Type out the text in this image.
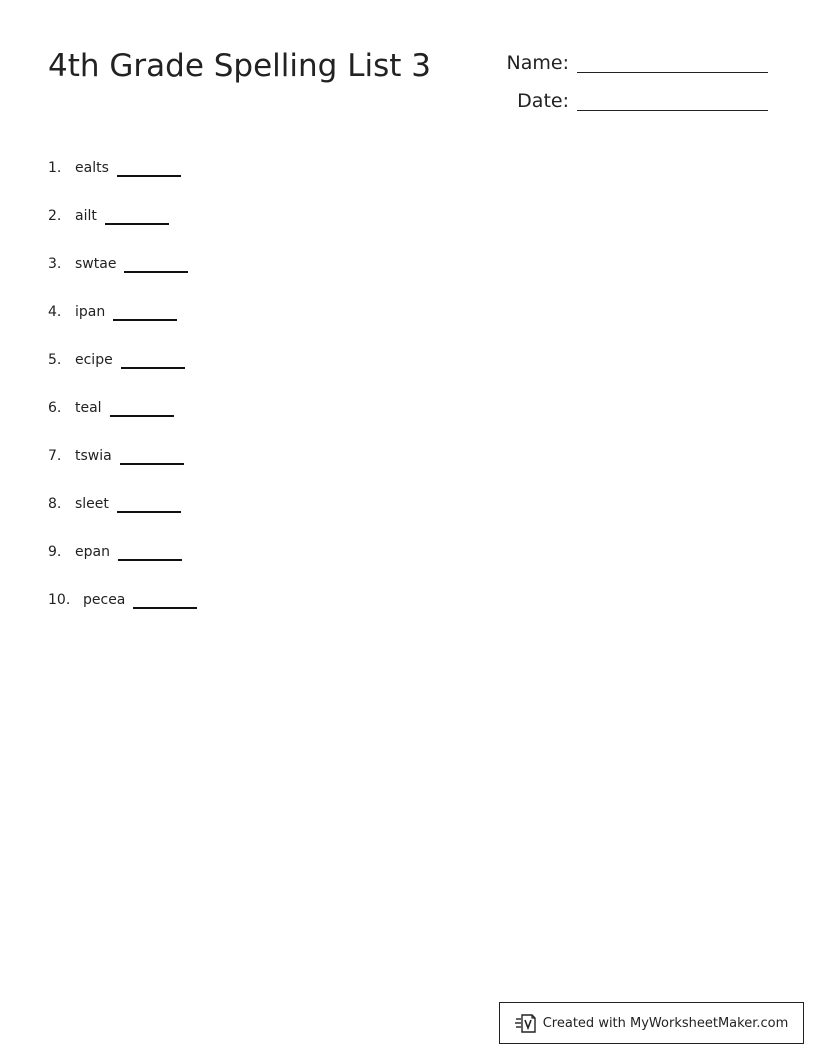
4th Grade Spelling List 3	Name:
Date:
1. ealts
2. ailt
3. swtae
4. ipan
5. ecipe
6. teal
7. tswia
8. sleet
9. epan
10. pecea
Created with MyWorksheetMaker.com
